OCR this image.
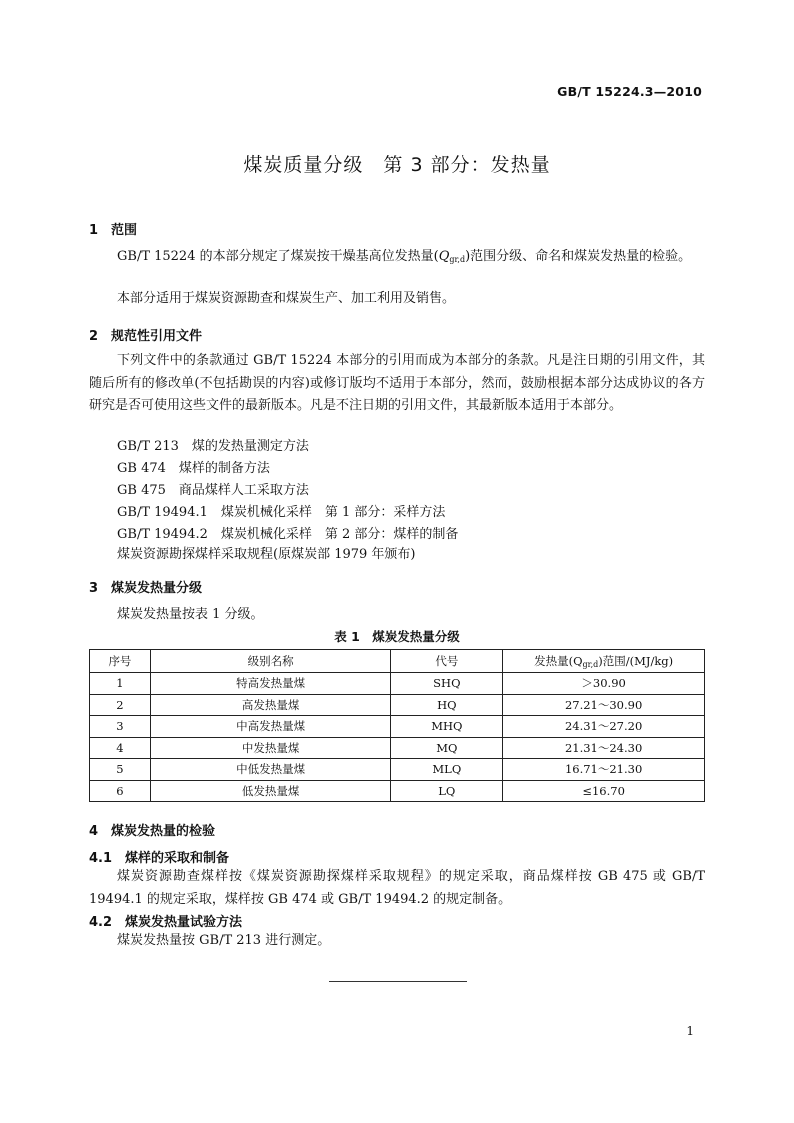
GB/T 15224.3—2010
煤炭质量分级　第 3 部分：发热量
1 范围
GB/T 15224 的本部分规定了煤炭按干燥基高位发热量$(Q_{gr,d})$范围分级、命名和煤炭发热量的检验。
本部分适用于煤炭资源勘查和煤炭生产、加工利用及销售。
2 规范性引用文件
下列文件中的条款通过 GB/T 15224 本部分的引用而成为本部分的条款。凡是注日期的引用文件，其随后所有的修改单(不包括勘误的内容)或修订版均不适用于本部分，然而，鼓励根据本部分达成协议的各方研究是否可使用这些文件的最新版本。凡是不注日期的引用文件，其最新版本适用于本部分。
GB/T 213　煤的发热量测定方法
GB 474　煤样的制备方法
GB 475　商品煤样人工采取方法
GB/T 19494.1　煤炭机械化采样　第 1 部分：采样方法
GB/T 19494.2　煤炭机械化采样　第 2 部分：煤样的制备
煤炭资源勘探煤样采取规程(原煤炭部 1979 年颁布)
3 煤炭发热量分级
煤炭发热量按表 1 分级。
表 1　煤炭发热量分级
序号	级别名称	代号	发热量$(Q_{gr,d})$范围/(MJ/kg)
1	特高发热量煤	SHQ	＞30.90
2	高发热量煤	HQ	27.21～30.90
3	中高发热量煤	MHQ	24.31～27.20
4	中发热量煤	MQ	21.31～24.30
5	中低发热量煤	MLQ	16.71～21.30
6	低发热量煤	LQ	≤16.70
4 煤炭发热量的检验
4.1 煤样的采取和制备
煤炭资源勘查煤样按《煤炭资源勘探煤样采取规程》的规定采取，商品煤样按 GB 475 或 GB/T 19494.1 的规定采取，煤样按 GB 474 或 GB/T 19494.2 的规定制备。
4.2 煤炭发热量试验方法
煤炭发热量按 GB/T 213 进行测定。
1
